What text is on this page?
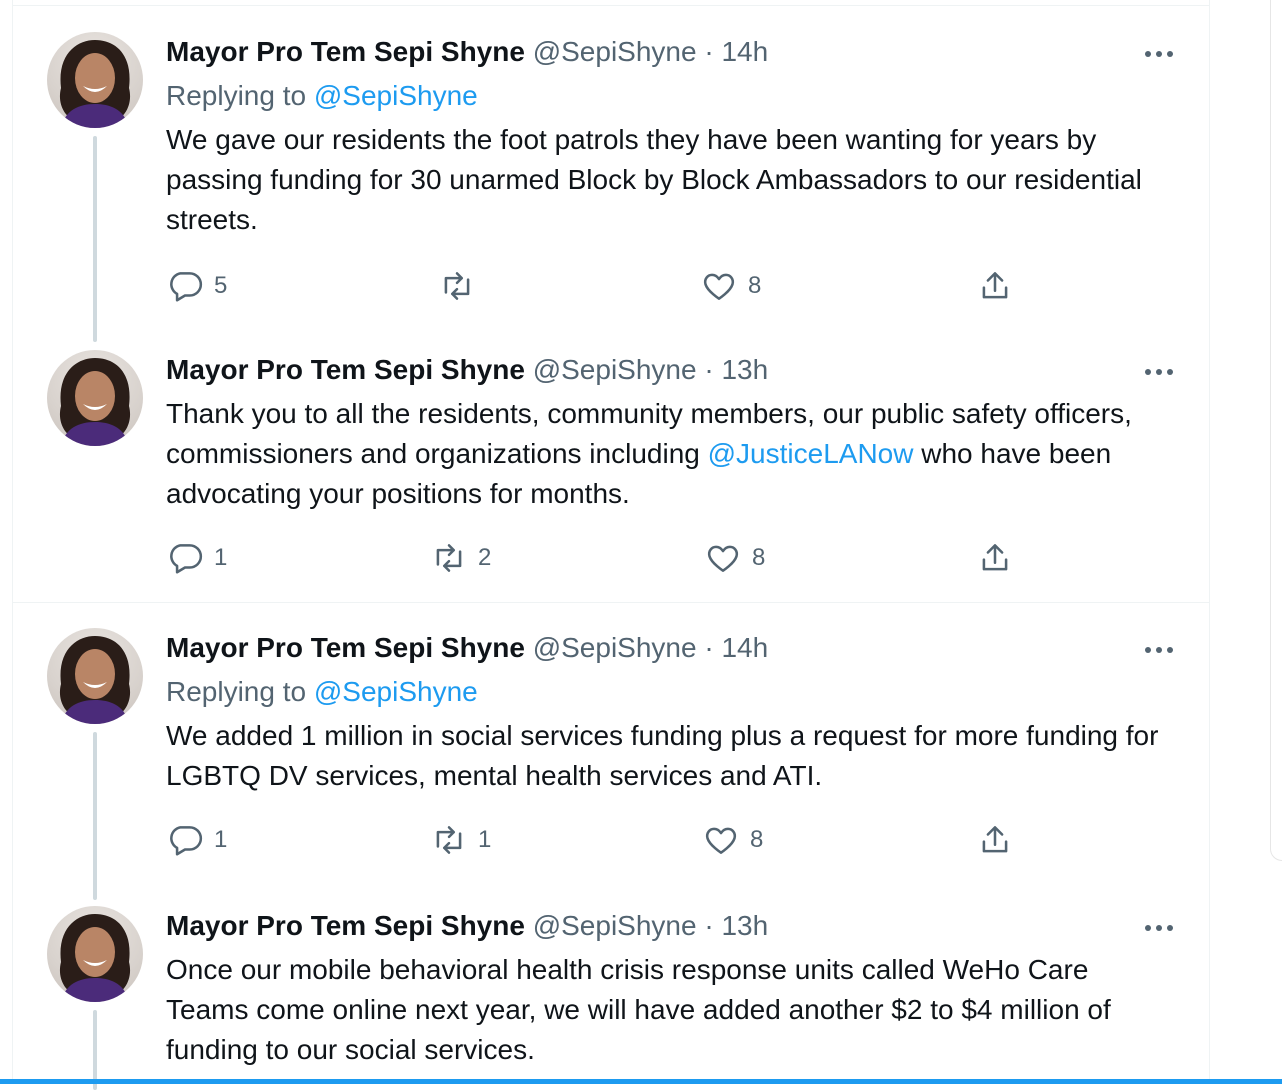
Mayor Pro Tem Sepi Shyne @SepiShyne · 14h
Replying to @SepiShyne
We gave our residents the foot patrols they have been wanting for years by passing funding for 30 unarmed Block by Block Ambassadors to our residential streets.
5	8
Mayor Pro Tem Sepi Shyne @SepiShyne · 13h
Thank you to all the residents, community members, our public safety officers, commissioners and organizations including @JusticeLANow who have been advocating your positions for months.
1	2	8
Mayor Pro Tem Sepi Shyne @SepiShyne · 14h
Replying to @SepiShyne
We added 1 million in social services funding plus a request for more funding for LGBTQ DV services, mental health services and ATI.
1	1	8
Mayor Pro Tem Sepi Shyne @SepiShyne · 13h
Once our mobile behavioral health crisis response units called WeHo Care Teams come online next year, we will have added another $2 to $4 million of funding to our social services.
